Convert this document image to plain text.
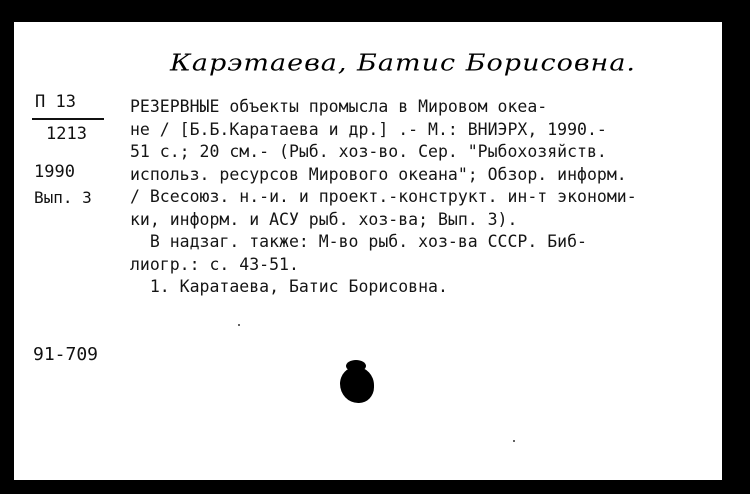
Карэтаева, Батис Борисовна.
П 13
1213
1990
Вып. 3

РЕЗЕРВНЫЕ объекты промысла в Мировом океа-

не / [Б.Б.Каратаева и др.] .- М.: ВНИЭРХ, 1990.-

51 с.; 20 см.- (Рыб. хоз-во. Сер. "Рыбохозяйств.

использ. ресурсов Мирового океана"; Обзор. информ.

/ Всесоюз. н.-и. и проект.-конструкт. ин-т экономи-

ки, информ. и АСУ рыб. хоз-ва; Вып. 3).

В надзаг. также: М-во рыб. хоз-ва СССР. Биб-

лиогр.: с. 43-51.

1. Каратаева, Батис Борисовна.

91-709
